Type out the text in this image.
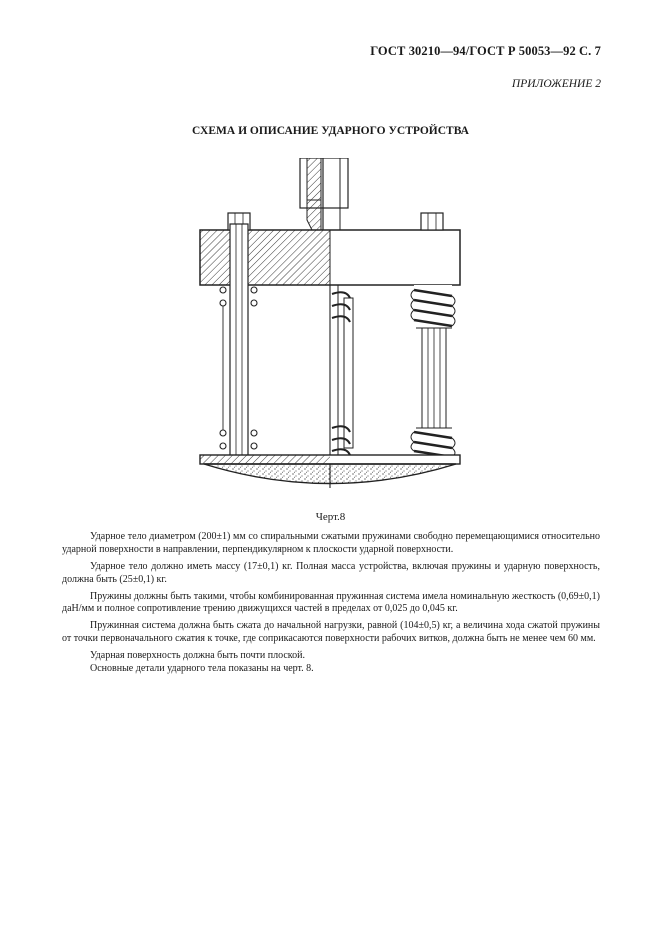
ГОСТ 30210—94/ГОСТ Р 50053—92 С. 7
ПРИЛОЖЕНИЕ 2
СХЕМА И ОПИСАНИЕ УДАРНОГО УСТРОЙСТВА
Черт.8

Ударное тело диаметром (200±1) мм со спиральными сжатыми пружинами свободно перемещающимися относительно ударной поверхности в направлении, перпендикулярном к плоскости ударной поверхности.

Ударное тело должно иметь массу (17±0,1) кг. Полная масса устройства, включая пружины и ударную поверхность, должна быть (25±0,1) кг.

Пружины должны быть такими, чтобы комбинированная пружинная система имела номинальную жесткость (0,69±0,1) даН/мм и полное сопротивление трению движущихся частей в пределах от 0,025 до 0,045 кг.

Пружинная система должна быть сжата до начальной нагрузки, равной (104±0,5) кг, а величина хода сжатой пружины от точки первоначального сжатия к точке, где соприкасаются поверхности рабочих витков, должна быть не менее чем 60 мм.

Ударная поверхность должна быть почти плоской.

Основные детали ударного тела показаны на черт. 8.
